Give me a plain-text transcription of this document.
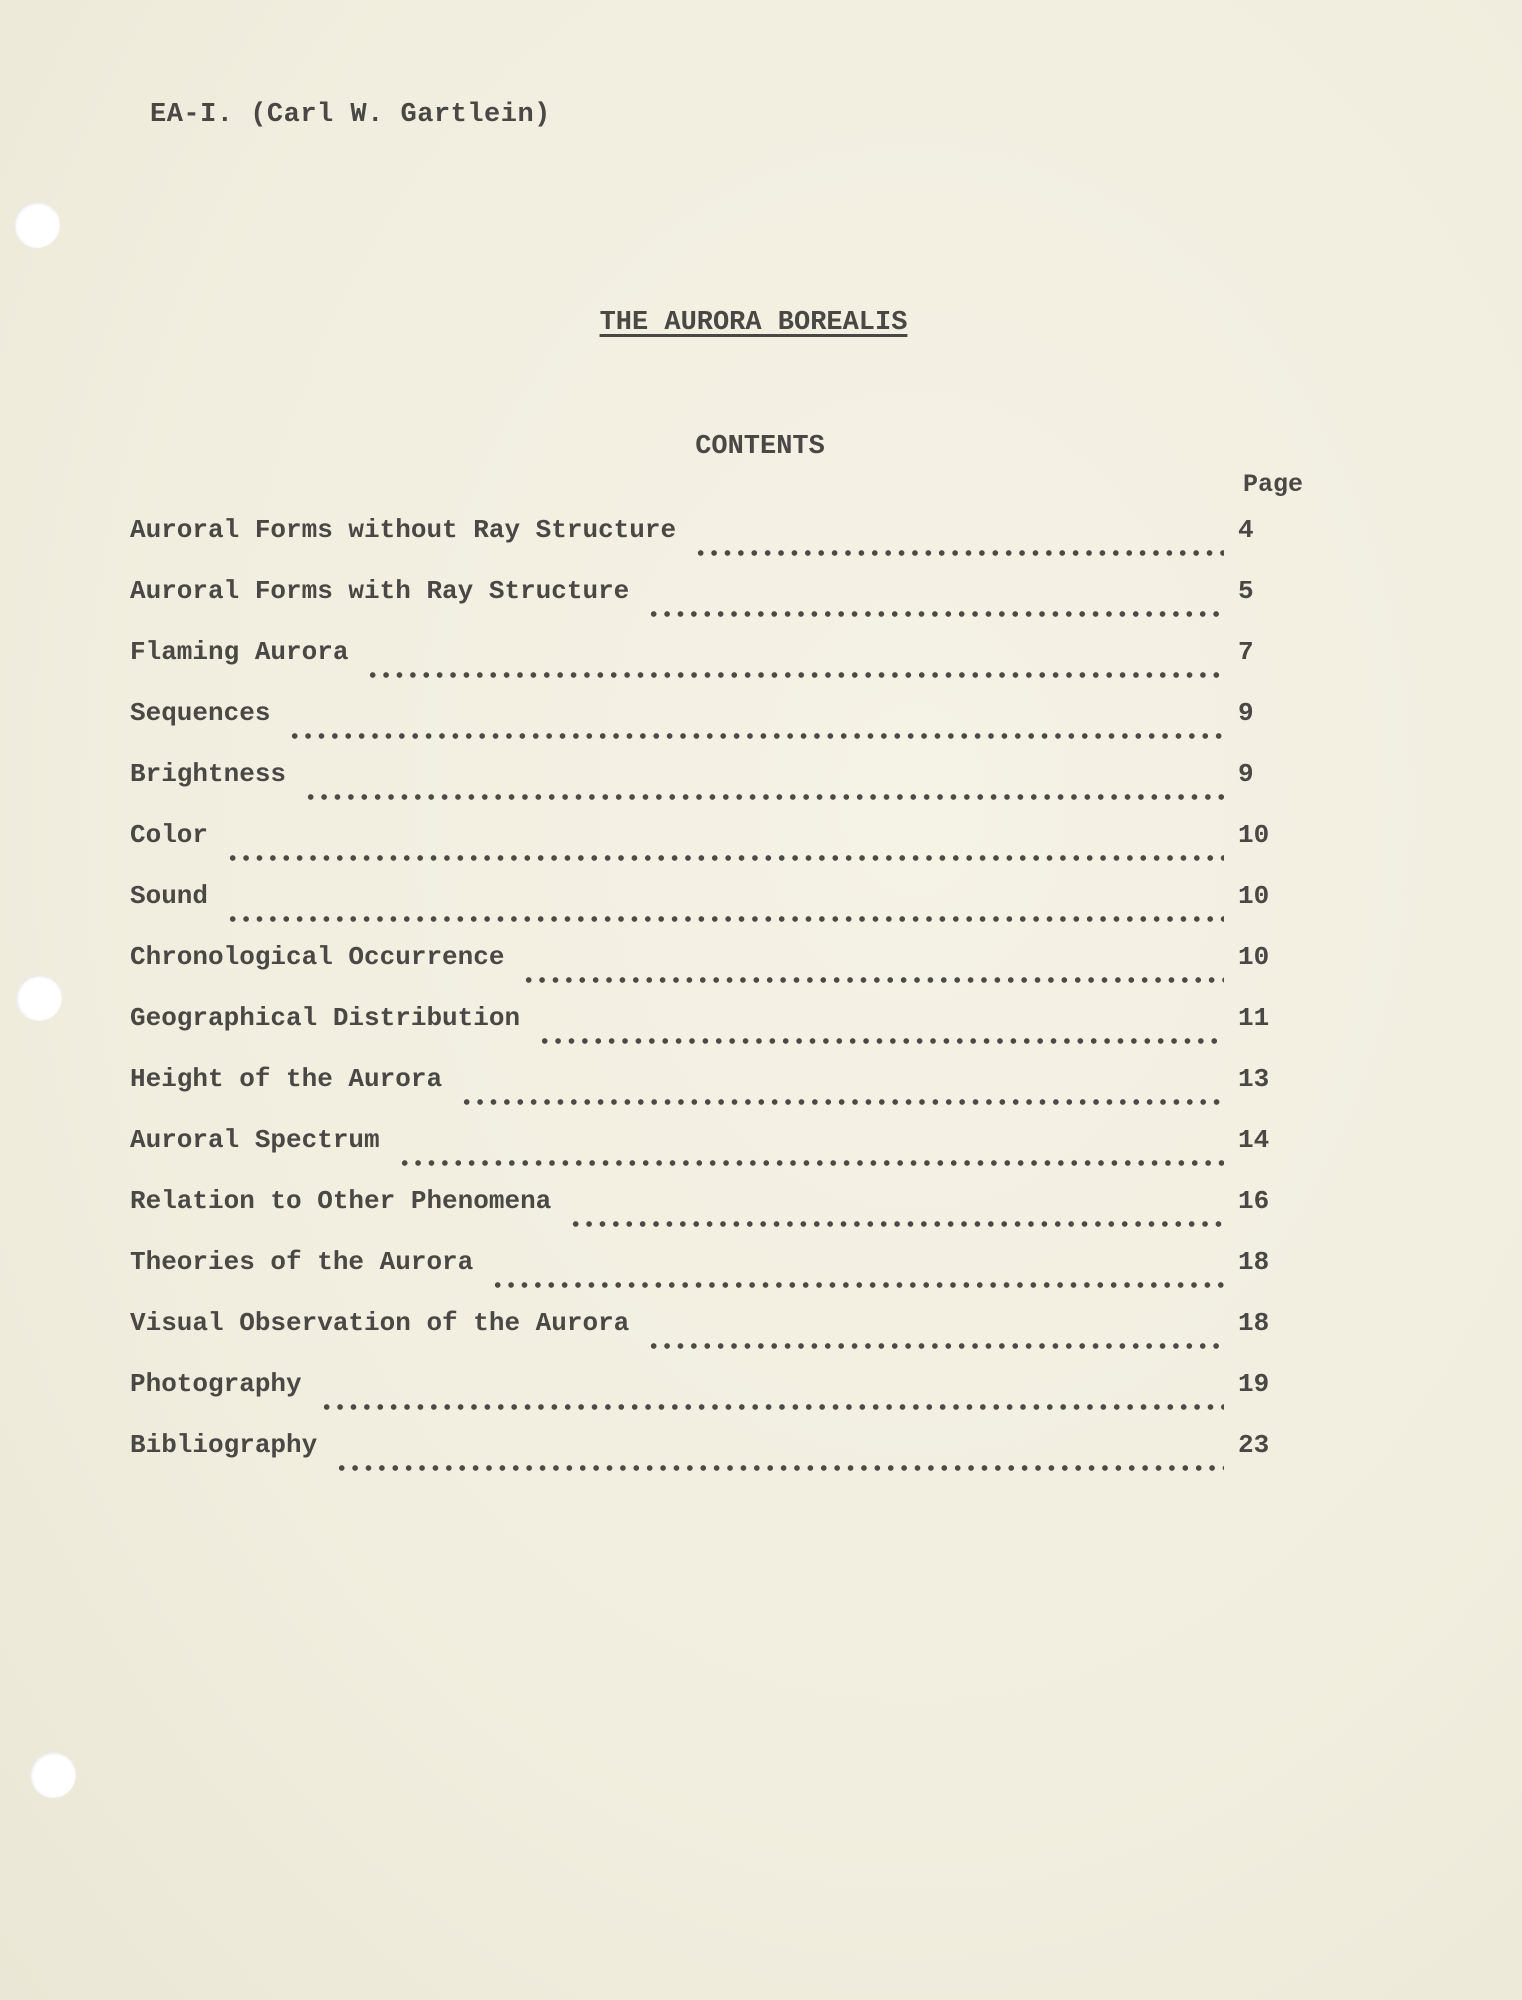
EA-I. (Carl W. Gartlein)
THE AURORA BOREALIS
CONTENTS
Page
Auroral Forms without Ray Structure	4
Auroral Forms with Ray Structure	5
Flaming Aurora	7
Sequences	9
Brightness	9
Color	10
Sound	10
Chronological Occurrence	10
Geographical Distribution	11
Height of the Aurora	13
Auroral Spectrum	14
Relation to Other Phenomena	16
Theories of the Aurora	18
Visual Observation of the Aurora	18
Photography	19
Bibliography	23
